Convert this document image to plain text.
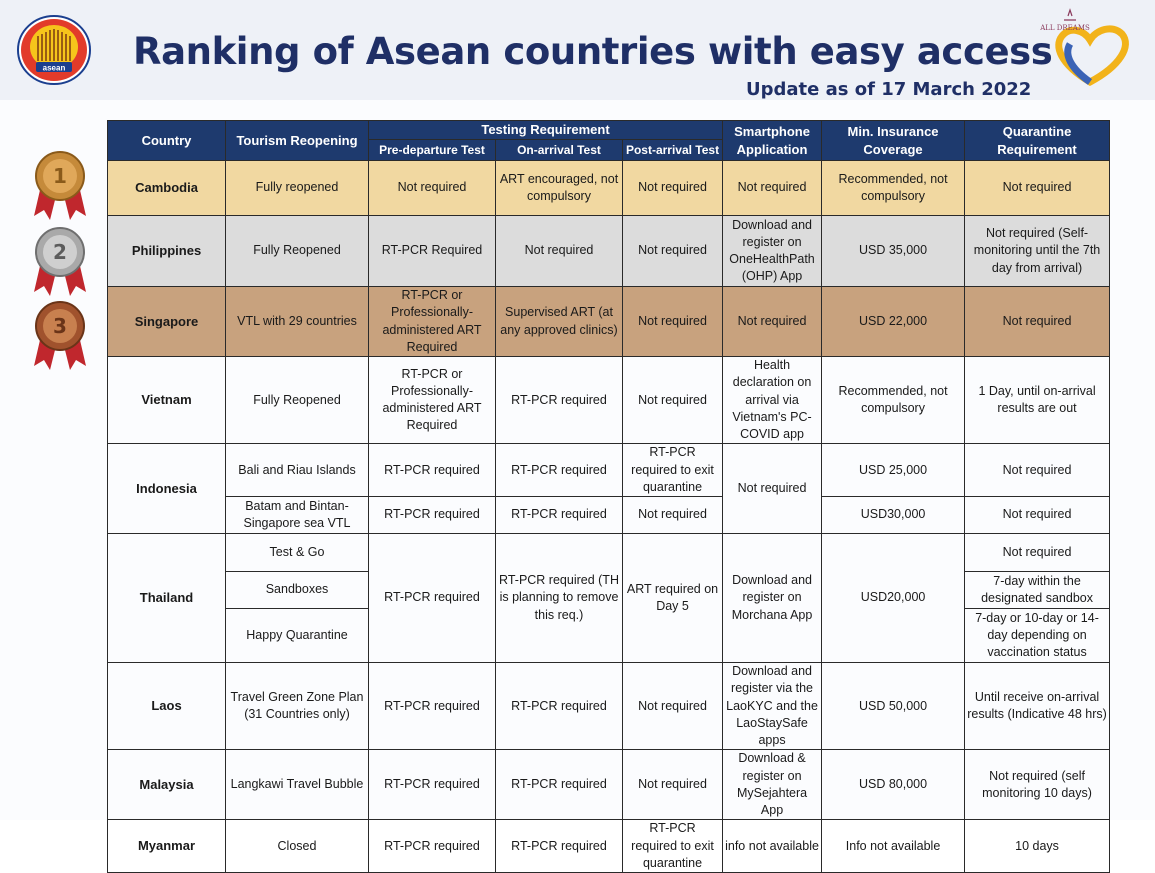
asean Ranking of Asean countries with easy access
Update as of 17 March 2022
ALL DREAMS
1
2
3
Country	Tourism Reopening	Testing Requirement			Smartphone Application	Min. Insurance Coverage	Quarantine Requirement
		Pre-departure Test	On-arrival Test	Post-arrival Test			
Cambodia	Fully reopened	Not required	ART encouraged, not compulsory	Not required	Not required	Recommended, not compulsory	Not required
Philippines	Fully Reopened	RT-PCR Required	Not required	Not required	Download and register on OneHealthPath (OHP) App	USD 35,000	Not required (Self-monitoring until the 7th day from arrival)
Singapore	VTL with 29 countries	RT-PCR or Professionally-administered ART Required	Supervised ART (at any approved clinics)	Not required	Not required	USD 22,000	Not required
Vietnam	Fully Reopened	RT-PCR or Professionally-administered ART Required	RT-PCR required	Not required	Health declaration on arrival via Vietnam's PC-COVID app	Recommended, not compulsory	1 Day, until on-arrival results are out
Indonesia	Bali and Riau Islands	RT-PCR required	RT-PCR required	RT-PCR required to exit quarantine	Not required	USD 25,000	Not required
	Batam and Bintan-Singapore sea VTL	RT-PCR required	RT-PCR required	Not required		USD30,000	Not required
Thailand	Test & Go	RT-PCR required	RT-PCR required (TH is planning to remove this req.)	ART required on Day 5	Download and register on Morchana App	USD20,000	Not required
	Sandboxes						7-day within the designated sandbox
	Happy Quarantine						7-day or 10-day or 14-day depending on vaccination status
Laos	Travel Green Zone Plan (31 Countries only)	RT-PCR required	RT-PCR required	Not required	Download and register via the LaoKYC and the LaoStaySafe apps	USD 50,000	Until receive on-arrival results (Indicative 48 hrs)
Malaysia	Langkawi Travel Bubble	RT-PCR required	RT-PCR required	Not required	Download & register on MySejahtera App	USD 80,000	Not required (self monitoring 10 days)
Myanmar	Closed	RT-PCR required	RT-PCR required	RT-PCR required to exit quarantine	info not available	Info not available	10 days
